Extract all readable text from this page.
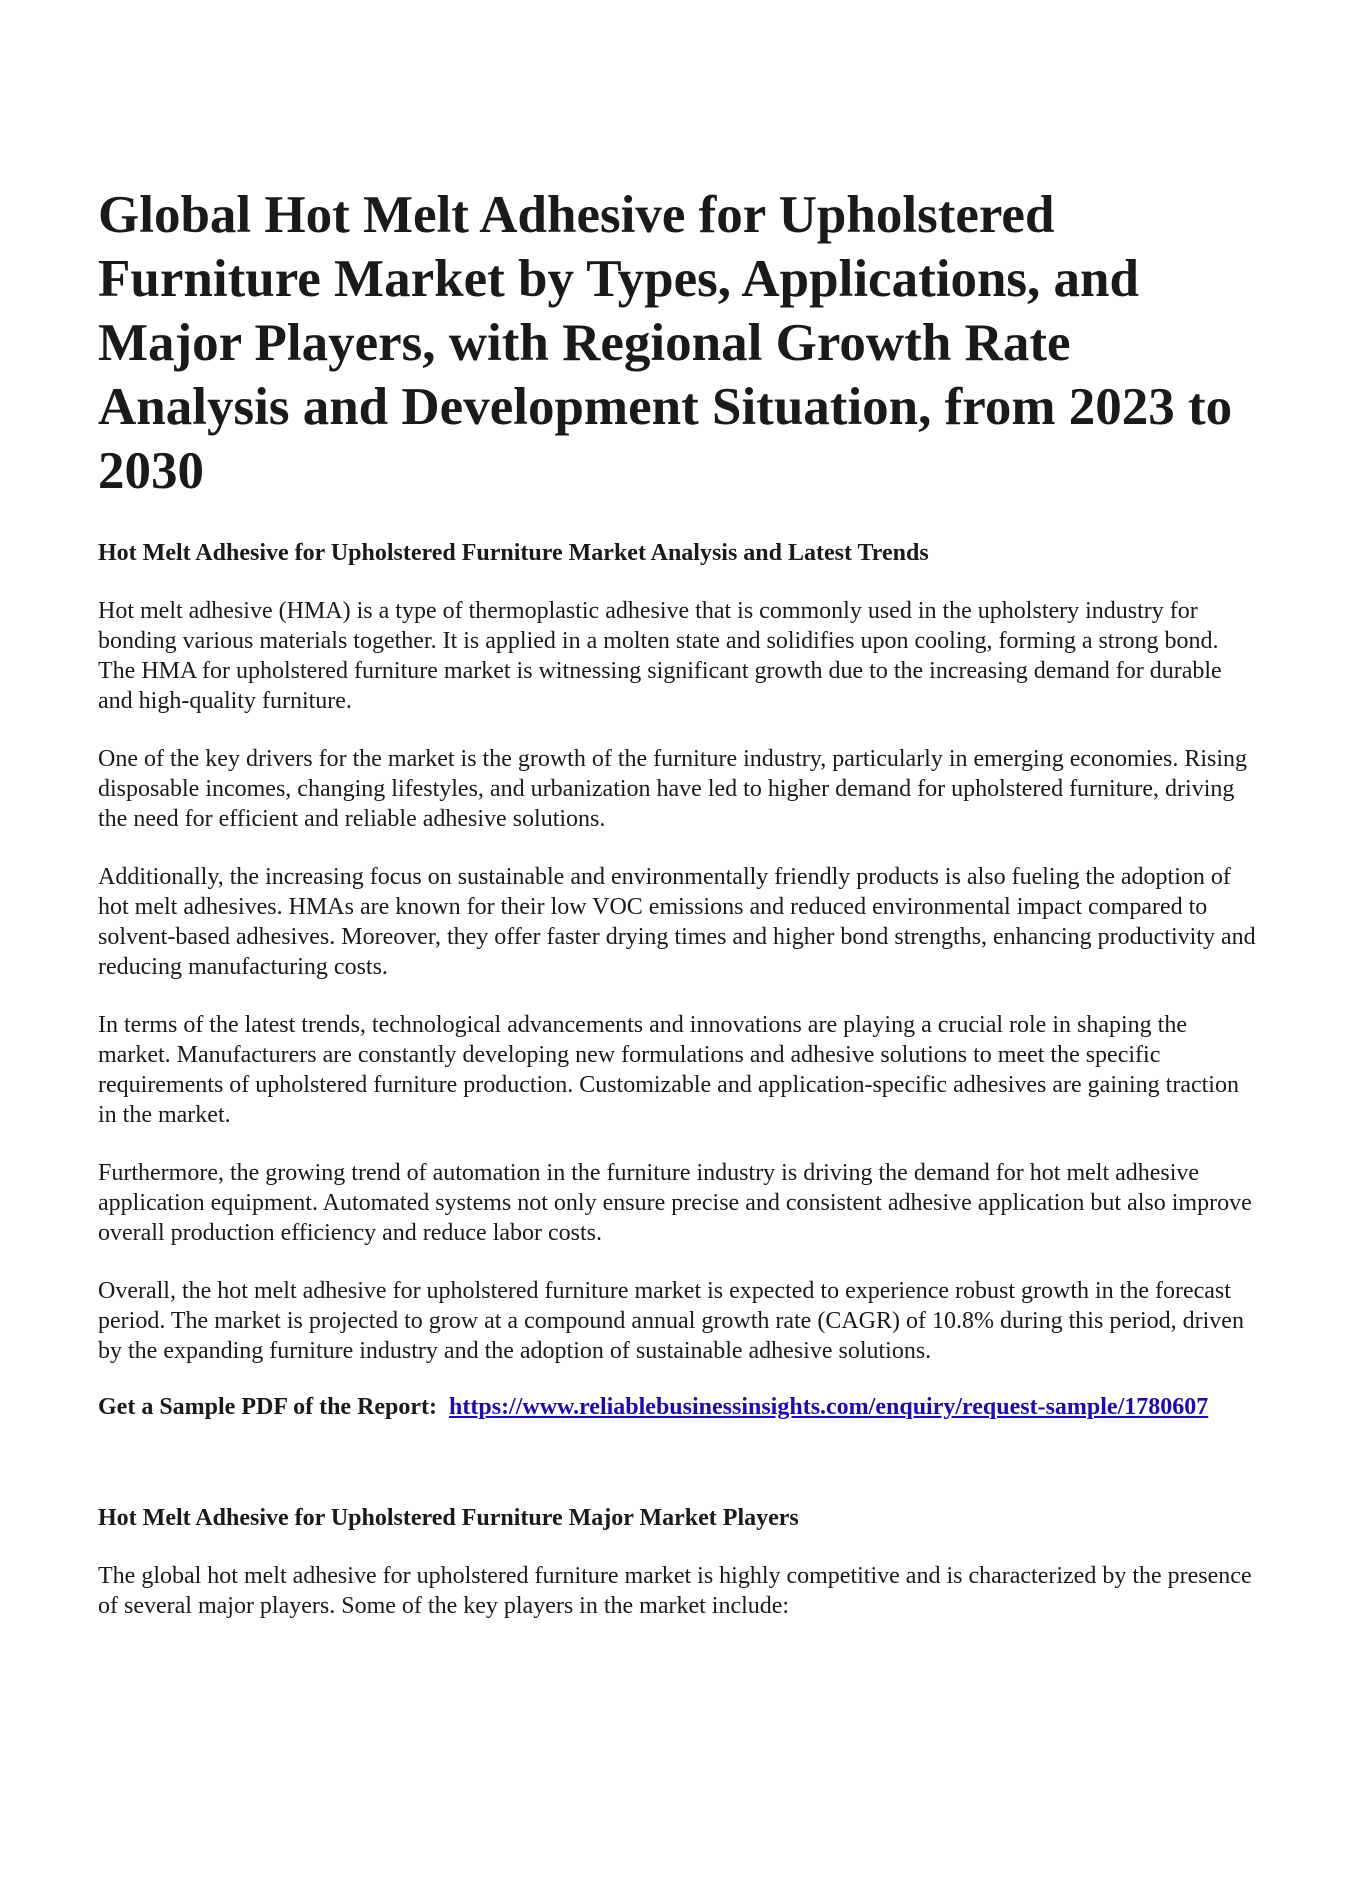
Global Hot Melt Adhesive for Upholstered Furniture Market by Types, Applications, and Major Players, with Regional Growth Rate Analysis and Development Situation, from 2023 to 2030
Hot Melt Adhesive for Upholstered Furniture Market Analysis and Latest Trends

Hot melt adhesive (HMA) is a type of thermoplastic adhesive that is commonly used in the upholstery industry for bonding various materials together. It is applied in a molten state and solidifies upon cooling, forming a strong bond. The HMA for upholstered furniture market is witnessing significant growth due to the increasing demand for durable and high-quality furniture.

One of the key drivers for the market is the growth of the furniture industry, particularly in emerging economies. Rising disposable incomes, changing lifestyles, and urbanization have led to higher demand for upholstered furniture, driving the need for efficient and reliable adhesive solutions.

Additionally, the increasing focus on sustainable and environmentally friendly products is also fueling the adoption of hot melt adhesives. HMAs are known for their low VOC emissions and reduced environmental impact compared to solvent-based adhesives. Moreover, they offer faster drying times and higher bond strengths, enhancing productivity and reducing manufacturing costs.

In terms of the latest trends, technological advancements and innovations are playing a crucial role in shaping the market. Manufacturers are constantly developing new formulations and adhesive solutions to meet the specific requirements of upholstered furniture production. Customizable and application-specific adhesives are gaining traction in the market.

Furthermore, the growing trend of automation in the furniture industry is driving the demand for hot melt adhesive application equipment. Automated systems not only ensure precise and consistent adhesive application but also improve overall production efficiency and reduce labor costs.

Overall, the hot melt adhesive for upholstered furniture market is expected to experience robust growth in the forecast period. The market is projected to grow at a compound annual growth rate (CAGR) of 10.8% during this period, driven by the expanding furniture industry and the adoption of sustainable adhesive solutions.

Get a Sample PDF of the Report: https://www.reliablebusinessinsights.com/enquiry/request-sample/1780607

Hot Melt Adhesive for Upholstered Furniture Major Market Players

The global hot melt adhesive for upholstered furniture market is highly competitive and is characterized by the presence of several major players. Some of the key players in the market include:
